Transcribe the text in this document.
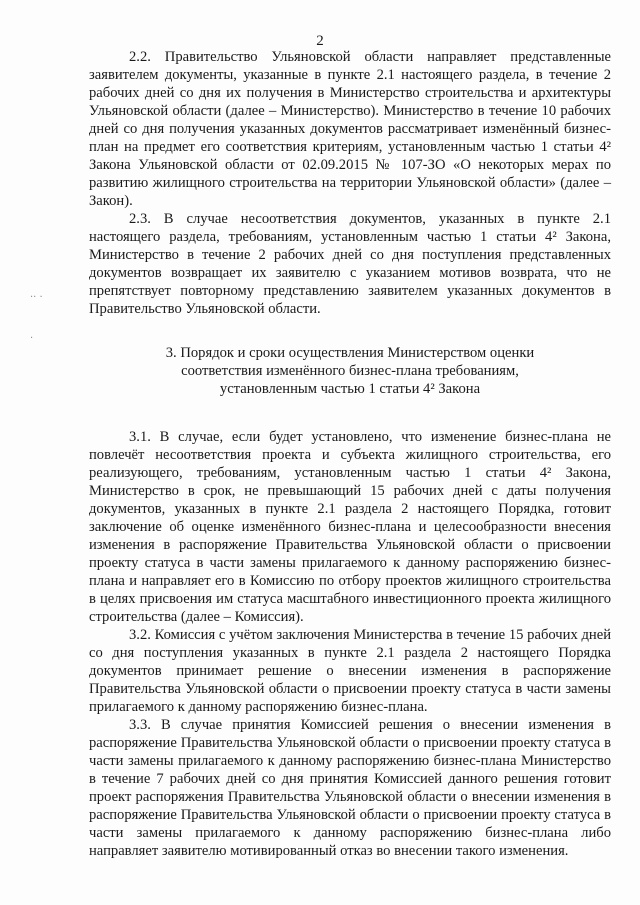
2
·· ·
.

2.2. Правительство Ульяновской области направляет представленные заявителем документы, указанные в пункте 2.1 настоящего раздела, в течение 2 рабочих дней со дня их получения в Министерство строительства и архитектуры Ульяновской области (далее – Министерство). Министерство в течение 10 рабочих дней со дня получения указанных документов рассматривает изменённый бизнес-план на предмет его соответствия критериям, установленным частью 1 статьи 4² Закона Ульяновской области от 02.09.2015 № 107-ЗО «О некоторых мерах по развитию жилищного строительства на территории Ульяновской области» (далее – Закон).

2.3. В случае несоответствия документов, указанных в пункте 2.1 настоящего раздела, требованиям, установленным частью 1 статьи 4² Закона, Министерство в течение 2 рабочих дней со дня поступления представленных документов возвращает их заявителю с указанием мотивов возврата, что не препятствует повторному представлению заявителем указанных документов в Правительство Ульяновской области.

3. Порядок и сроки осуществления Министерством оценки
соответствия изменённого бизнес-плана требованиям,
установленным частью 1 статьи 4² Закона

3.1. В случае, если будет установлено, что изменение бизнес-плана не повлечёт несоответствия проекта и субъекта жилищного строительства, его реализующего, требованиям, установленным частью 1 статьи 4² Закона, Министерство в срок, не превышающий 15 рабочих дней с даты получения документов, указанных в пункте 2.1 раздела 2 настоящего Порядка, готовит заключение об оценке изменённого бизнес-плана и целесообразности внесения изменения в распоряжение Правительства Ульяновской области о присвоении проекту статуса в части замены прилагаемого к данному распоряжению бизнес-плана и направляет его в Комиссию по отбору проектов жилищного строительства в целях присвоения им статуса масштабного инвестиционного проекта жилищного строительства (далее – Комиссия).

3.2. Комиссия с учётом заключения Министерства в течение 15 рабочих дней со дня поступления указанных в пункте 2.1 раздела 2 настоящего Порядка документов принимает решение о внесении изменения в распоряжение Правительства Ульяновской области о присвоении проекту статуса в части замены прилагаемого к данному распоряжению бизнес-плана.

3.3. В случае принятия Комиссией решения о внесении изменения в распоряжение Правительства Ульяновской области о присвоении проекту статуса в части замены прилагаемого к данному распоряжению бизнес-плана Министерство в течение 7 рабочих дней со дня принятия Комиссией данного решения готовит проект распоряжения Правительства Ульяновской области о внесении изменения в распоряжение Правительства Ульяновской области о присвоении проекту статуса в части замены прилагаемого к данному распоряжению бизнес-плана либо направляет заявителю мотивированный отказ во внесении такого изменения.
